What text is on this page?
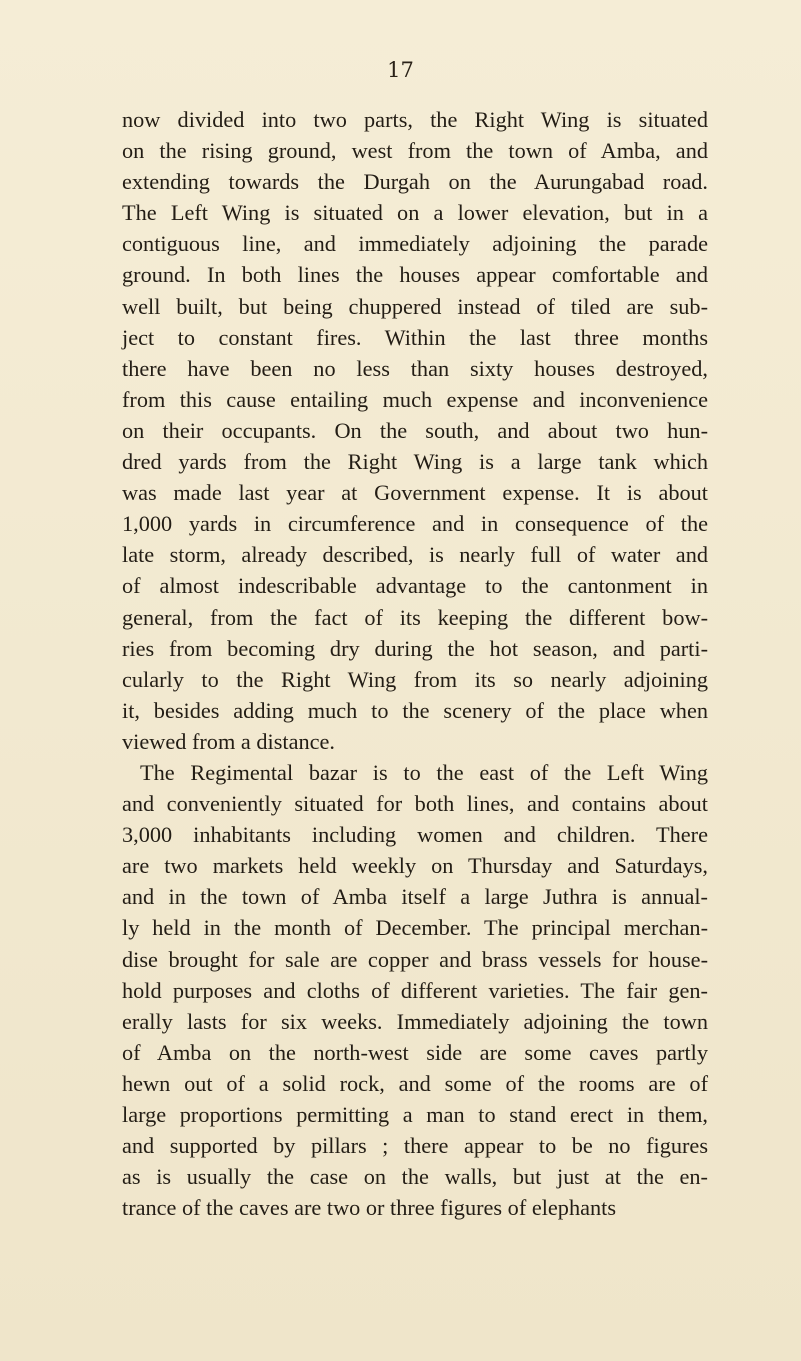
17
now divided into two parts, the Right Wing is situated
on the rising ground, west from the town of Amba, and
extending towards the Durgah on the Aurungabad road.
The Left Wing is situated on a lower elevation, but in a
contiguous line, and immediately adjoining the parade
ground. In both lines the houses appear comfortable and
well built, but being chuppered instead of tiled are sub-
ject to constant fires. Within the last three months
there have been no less than sixty houses destroyed,
from this cause entailing much expense and inconvenience
on their occupants. On the south, and about two hun-
dred yards from the Right Wing is a large tank which
was made last year at Government expense. It is about
1,000 yards in circumference and in consequence of the
late storm, already described, is nearly full of water and
of almost indescribable advantage to the cantonment in
general, from the fact of its keeping the different bow-
ries from becoming dry during the hot season, and parti-
cularly to the Right Wing from its so nearly adjoining
it, besides adding much to the scenery of the place when
viewed from a distance.
The Regimental bazar is to the east of the Left Wing
and conveniently situated for both lines, and contains about
3,000 inhabitants including women and children. There
are two markets held weekly on Thursday and Saturdays,
and in the town of Amba itself a large Juthra is annual-
ly held in the month of December. The principal merchan-
dise brought for sale are copper and brass vessels for house-
hold purposes and cloths of different varieties. The fair gen-
erally lasts for six weeks. Immediately adjoining the town
of Amba on the north-west side are some caves partly
hewn out of a solid rock, and some of the rooms are of
large proportions permitting a man to stand erect in them,
and supported by pillars ; there appear to be no figures
as is usually the case on the walls, but just at the en-
trance of the caves are two or three figures of elephants
